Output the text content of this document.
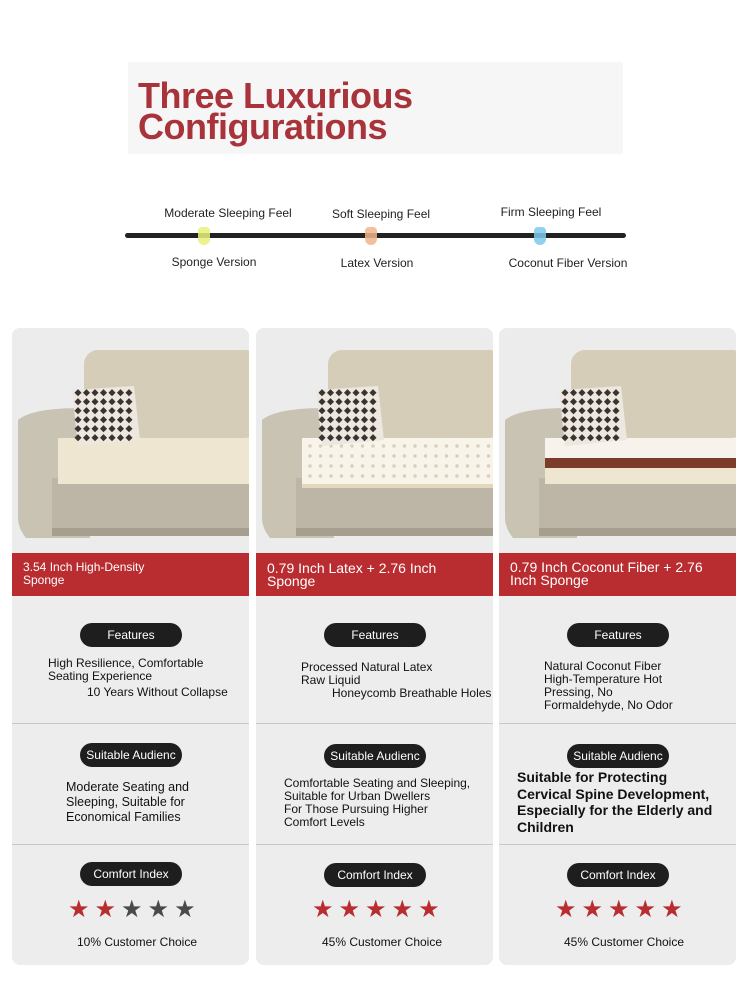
Three Luxurious
Configurations
Moderate Sleeping Feel	Soft Sleeping Feel	Firm Sleeping Feel
Sponge Version	Latex Version	Coconut Fiber Version
3.54 Inch High-Density
Sponge
Features
High Resilience, Comfortable
Seating Experience
10 Years Without Collapse
Suitable Audienc
Moderate Seating and
Sleeping, Suitable for
Economical Families
Comfort Index
★ ★ ★ ★ ★
10% Customer Choice
0.79 Inch Latex + 2.76 Inch
Sponge
Features
Processed Natural Latex
Raw Liquid
Honeycomb Breathable Holes
Suitable Audienc
Comfortable Seating and Sleeping,
Suitable for Urban Dwellers
For Those Pursuing Higher
Comfort Levels
Comfort Index
★ ★ ★ ★ ★
45% Customer Choice
0.79 Inch Coconut Fiber + 2.76
Inch Sponge
Features
Natural Coconut Fiber
High-Temperature Hot
Pressing, No
Formaldehyde, No Odor
Suitable Audienc
Suitable for Protecting
Cervical Spine Development,
Especially for the Elderly and
Children
Comfort Index
★ ★ ★ ★ ★
45% Customer Choice
